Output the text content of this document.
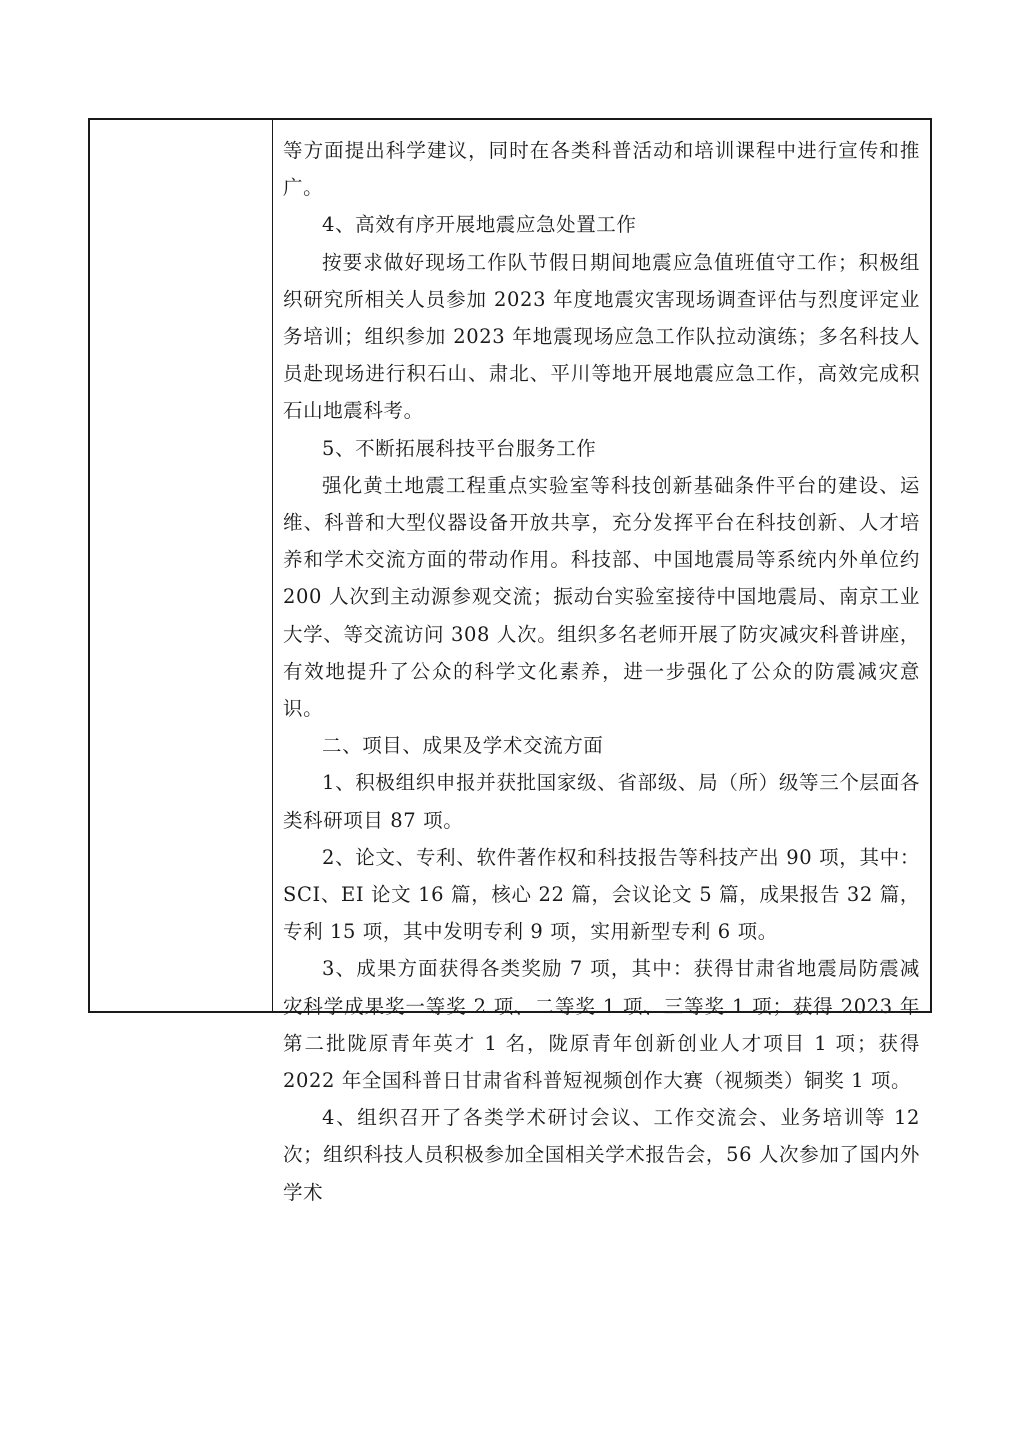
等方面提出科学建议，同时在各类科普活动和培训课程中进行宣传和推广。

4、高效有序开展地震应急处置工作

按要求做好现场工作队节假日期间地震应急值班值守工作；积极组织研究所相关人员参加 2023 年度地震灾害现场调查评估与烈度评定业务培训；组织参加 2023 年地震现场应急工作队拉动演练；多名科技人员赴现场进行积石山、肃北、平川等地开展地震应急工作，高效完成积石山地震科考。

5、不断拓展科技平台服务工作

强化黄土地震工程重点实验室等科技创新基础条件平台的建设、运维、科普和大型仪器设备开放共享，充分发挥平台在科技创新、人才培养和学术交流方面的带动作用。科技部、中国地震局等系统内外单位约 200 人次到主动源参观交流；振动台实验室接待中国地震局、南京工业大学、等交流访问 308 人次。组织多名老师开展了防灾减灾科普讲座，有效地提升了公众的科学文化素养，进一步强化了公众的防震减灾意识。

二、项目、成果及学术交流方面

1、积极组织申报并获批国家级、省部级、局（所）级等三个层面各类科研项目 87 项。

2、论文、专利、软件著作权和科技报告等科技产出 90 项，其中：SCI、EI 论文 16 篇，核心 22 篇，会议论文 5 篇，成果报告 32 篇，专利 15 项，其中发明专利 9 项，实用新型专利 6 项。

3、成果方面获得各类奖励 7 项，其中：获得甘肃省地震局防震减灾科学成果奖一等奖 2 项、二等奖 1 项、三等奖 1 项；获得 2023 年第二批陇原青年英才 1 名，陇原青年创新创业人才项目 1 项；获得 2022 年全国科普日甘肃省科普短视频创作大赛（视频类）铜奖 1 项。

4、组织召开了各类学术研讨会议、工作交流会、业务培训等 12 次；组织科技人员积极参加全国相关学术报告会，56 人次参加了国内外学术
